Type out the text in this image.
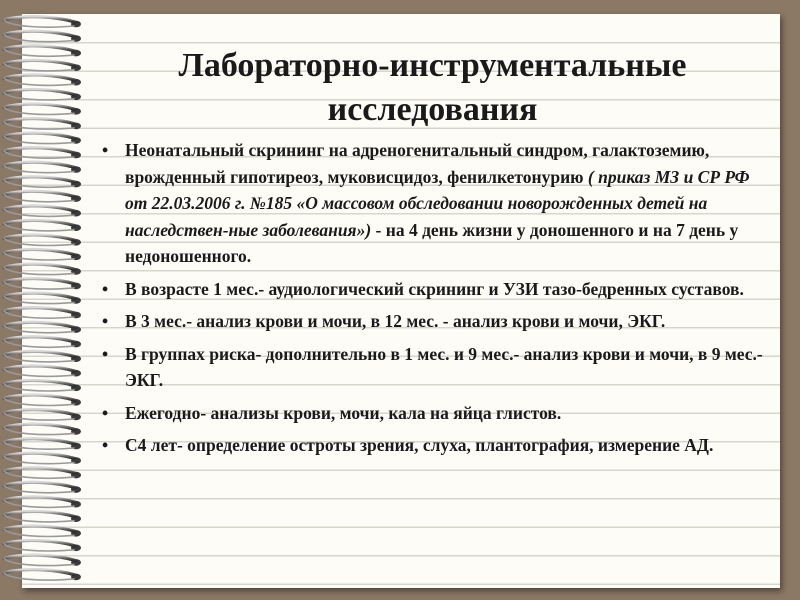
Лабораторно-инструментальные
исследования
• Неонатальный скрининг на адреногенитальный синдром, галактоземию, врожденный гипотиреоз, муковисцидоз, фенилкетонурию ( приказ МЗ и СР РФ от 22.03.2006 г. №185 «О массовом обследовании новорожденных детей на наследствен-ные заболевания») - на 4 день жизни у доношенного и на 7 день у недоношенного.
• В возрасте 1 мес.- аудиологический скрининг и УЗИ тазо-бедренных суставов.
• В 3 мес.- анализ крови и мочи, в 12 мес. - анализ крови и мочи, ЭКГ.
• В группах риска- дополнительно в 1 мес. и 9 мес.- анализ крови и мочи, в 9 мес.- ЭКГ.
• Ежегодно- анализы крови, мочи, кала на яйца глистов.
• С4 лет- определение остроты зрения, слуха, плантография, измерение АД.
